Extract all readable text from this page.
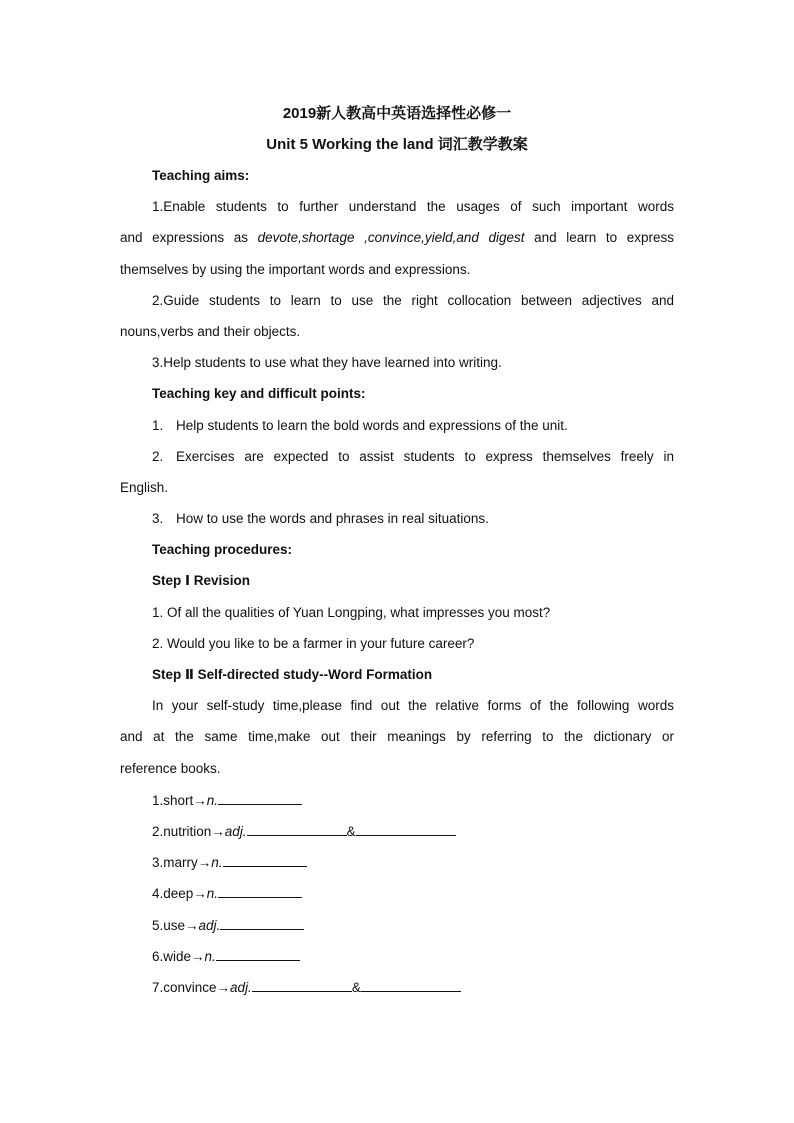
2019新人教高中英语选择性必修一

Unit 5 Working the land 词汇教学教案

Teaching aims:

1.Enable students to further understand the usages of such important words

and expressions as devote,shortage ,convince,yield,and digest and learn to express

themselves by using the important words and expressions.

2.Guide students to learn to use the right collocation between adjectives and

nouns,verbs and their objects.

3.Help students to use what they have learned into writing.

Teaching key and difficult points:

1. Help students to learn the bold words and expressions of the unit.

2. Exercises are expected to assist students to express themselves freely in

English.

3. How to use the words and phrases in real situations.

Teaching procedures:

Step Ⅰ Revision

1. Of all the qualities of Yuan Longping, what impresses you most?

2. Would you like to be a farmer in your future career?

Step Ⅱ Self-directed study--Word Formation

In your self-study time,please find out the relative forms of the following words

and at the same time,make out their meanings by referring to the dictionary or

reference books.

1.short→n.

2.nutrition→adj.	&

3.marry→n.

4.deep→n.

5.use→adj.

6.wide→n.

7.convince→adj.	&
